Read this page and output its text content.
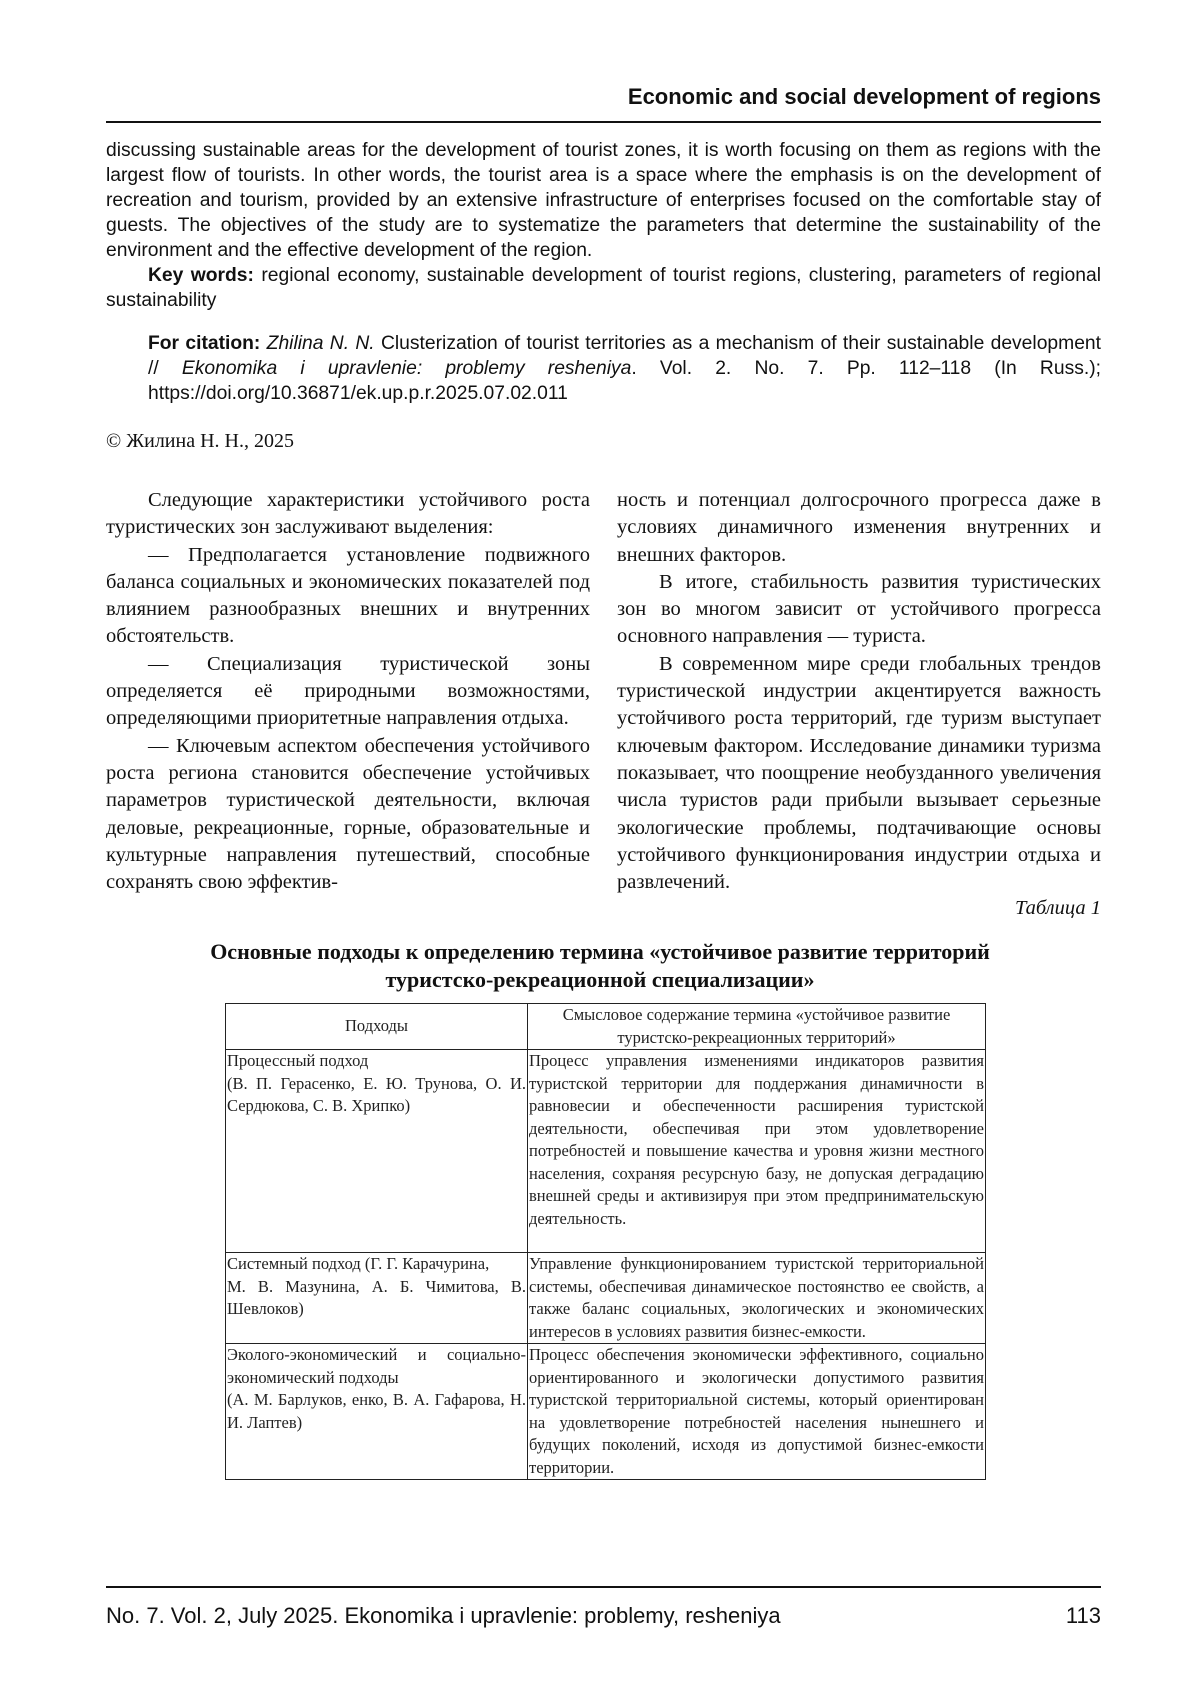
Economic and social development of regions

discussing sustainable areas for the development of tourist zones, it is worth focusing on them as regions with the largest flow of tourists. In other words, the tourist area is a space where the emphasis is on the development of recreation and tourism, provided by an extensive infrastructure of enterprises focused on the comfortable stay of guests. The objectives of the study are to systematize the parameters that determine the sustainability of the environment and the effective development of the region.

Key words: regional economy, sustainable development of tourist regions, clustering, parameters of regional sustainability

For citation: Zhilina N. N. Clusterization of tourist territories as a mechanism of their sustainable development // Ekonomika i upravlenie: problemy resheniya. Vol. 2. No. 7. Pp. 112–118 (In Russ.); https://doi.org/10.36871/ek.up.p.r.2025.07.02.011

© Жилина Н. Н., 2025

Следующие характеристики устойчивого роста туристических зон заслуживают выделения:

— Предполагается установление подвижного баланса социальных и экономических показателей под влиянием разнообразных внешних и внутренних обстоятельств.

— Специализация туристической зоны определяется её природными возможностями, определяющими приоритетные направления отдыха.

— Ключевым аспектом обеспечения устойчивого роста региона становится обеспечение устойчивых параметров туристической деятельности, включая деловые, рекреационные, горные, образовательные и культурные направления путешествий, способные сохранять свою эффектив-

ность и потенциал долгосрочного прогресса даже в условиях динамичного изменения внутренних и внешних факторов.

В итоге, стабильность развития туристических зон во многом зависит от устойчивого прогресса основного направления — туриста.

В современном мире среди глобальных трендов туристической индустрии акцентируется важность устойчивого роста территорий, где туризм выступает ключевым фактором. Исследование динамики туризма показывает, что поощрение необузданного увеличения числа туристов ради прибыли вызывает серьезные экологические проблемы, подтачивающие основы устойчивого функционирования индустрии отдыха и развлечений.

Таблица 1
Основные подходы к определению термина «устойчивое развитие территорий туристско-рекреационной специализации»
Подходы	Смысловое содержание термина «устойчивое развитие туристско-рекреационных территорий»
Процессный подход
(В. П. Герасенко, Е. Ю. Трунова, О. И. Сердюкова, С. В. Хрипко)	Процесс управления изменениями индикаторов развития туристской территории для поддержания динамичности в равновесии и обеспеченности расширения туристской деятельности, обеспечивая при этом удовлетворение потребностей и повышение качества и уровня жизни местного населения, сохраняя ресурсную базу, не допуская деградацию внешней среды и активизируя при этом предпринимательскую деятельность.
Системный подход (Г. Г. Карачурина,
М. В. Мазунина, А. Б. Чимитова, В. Шевлоков)	Управление функционированием туристской территориальной системы, обеспечивая динамическое постоянство ее свойств, а также баланс социальных, экологических и экономических интересов в условиях развития бизнес-емкости.
Эколого-экономический и социально-экономический подходы
(А. М. Барлуков, енко, В. А. Гафарова, Н. И. Лаптев)	Процесс обеспечения экономически эффективного, социально ориентированного и экологически допустимого развития туристской территориальной системы, который ориентирован на удовлетворение потребностей населения нынешнего и будущих поколений, исходя из допустимой бизнес-емкости территории.
No. 7. Vol. 2, July 2025. Ekonomika i upravlenie: problemy, resheniya	113
